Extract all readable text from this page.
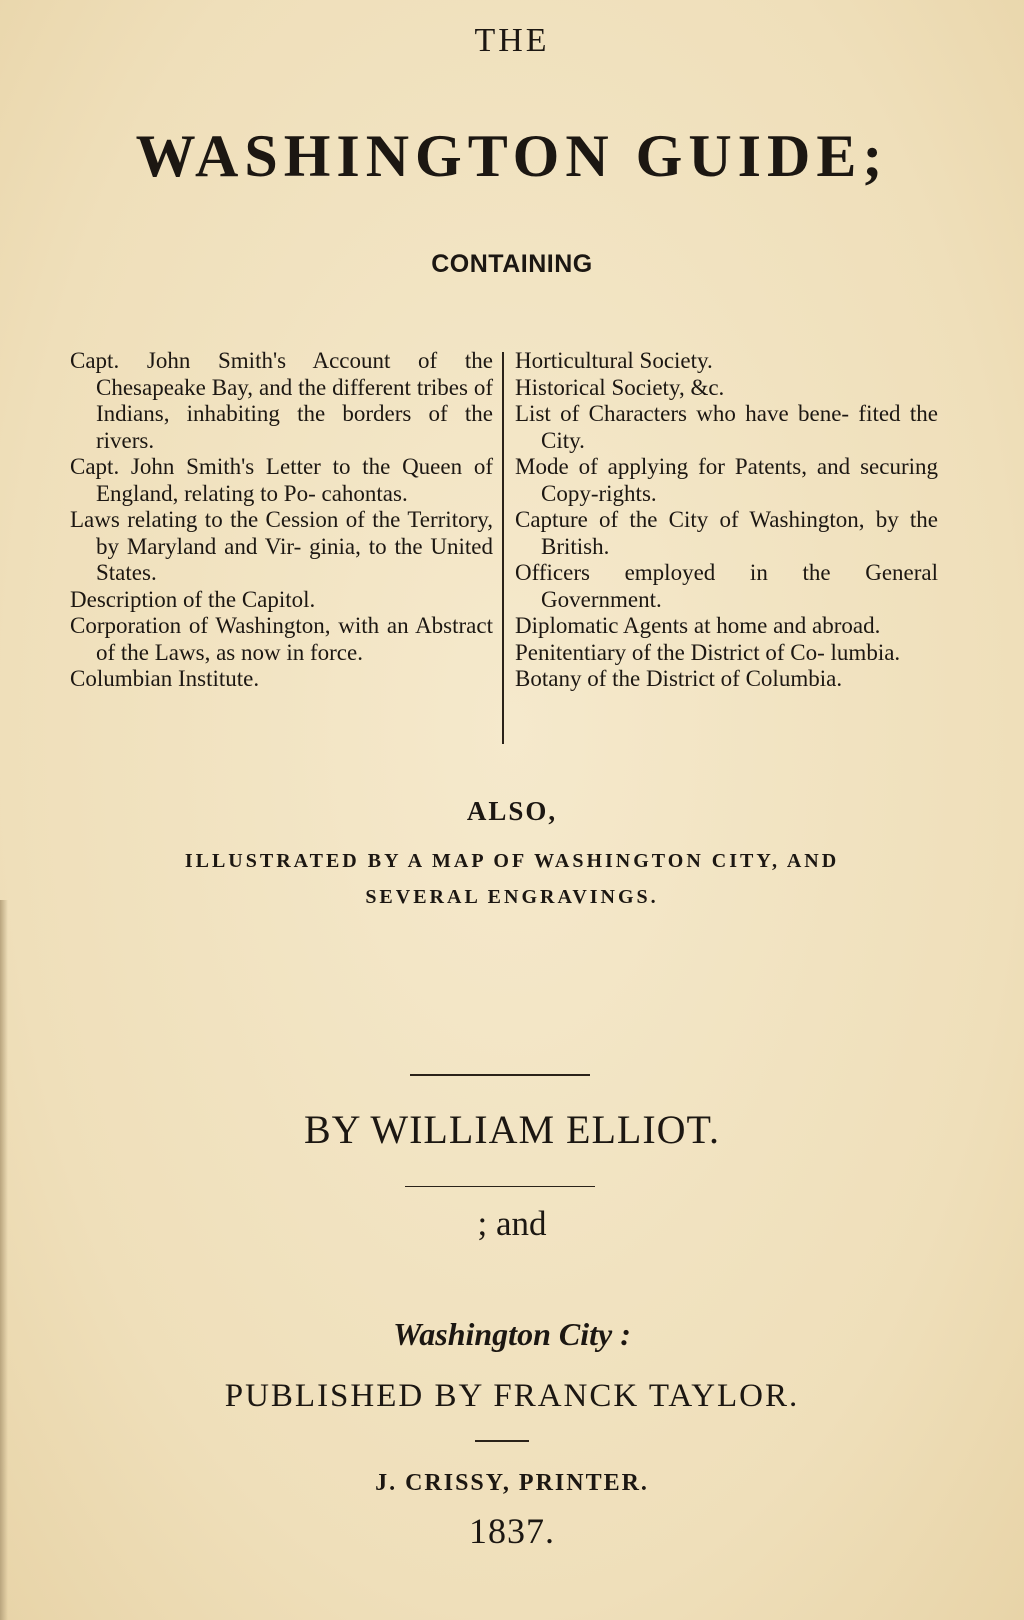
THE
WASHINGTON GUIDE;
CONTAINING

Capt. John Smith's Account of the Chesapeake Bay, and the different tribes of Indians, inhabiting the borders of the rivers.

Capt. John Smith's Letter to the Queen of England, relating to Po- cahontas.

Laws relating to the Cession of the Territory, by Maryland and Vir- ginia, to the United States.

Description of the Capitol.

Corporation of Washington, with an Abstract of the Laws, as now in force.

Columbian Institute.

Horticultural Society.

Historical Society, &c.

List of Characters who have bene- fited the City.

Mode of applying for Patents, and securing Copy-rights.

Capture of the City of Washington, by the British.

Officers employed in the General Government.

Diplomatic Agents at home and abroad.

Penitentiary of the District of Co- lumbia.

Botany of the District of Columbia.

ALSO,
ILLUSTRATED BY A MAP OF WASHINGTON CITY, AND
SEVERAL ENGRAVINGS.
BY WILLIAM ELLIOT.
; and
Washington City :
PUBLISHED BY FRANCK TAYLOR.
J. CRISSY, PRINTER.
1837.
